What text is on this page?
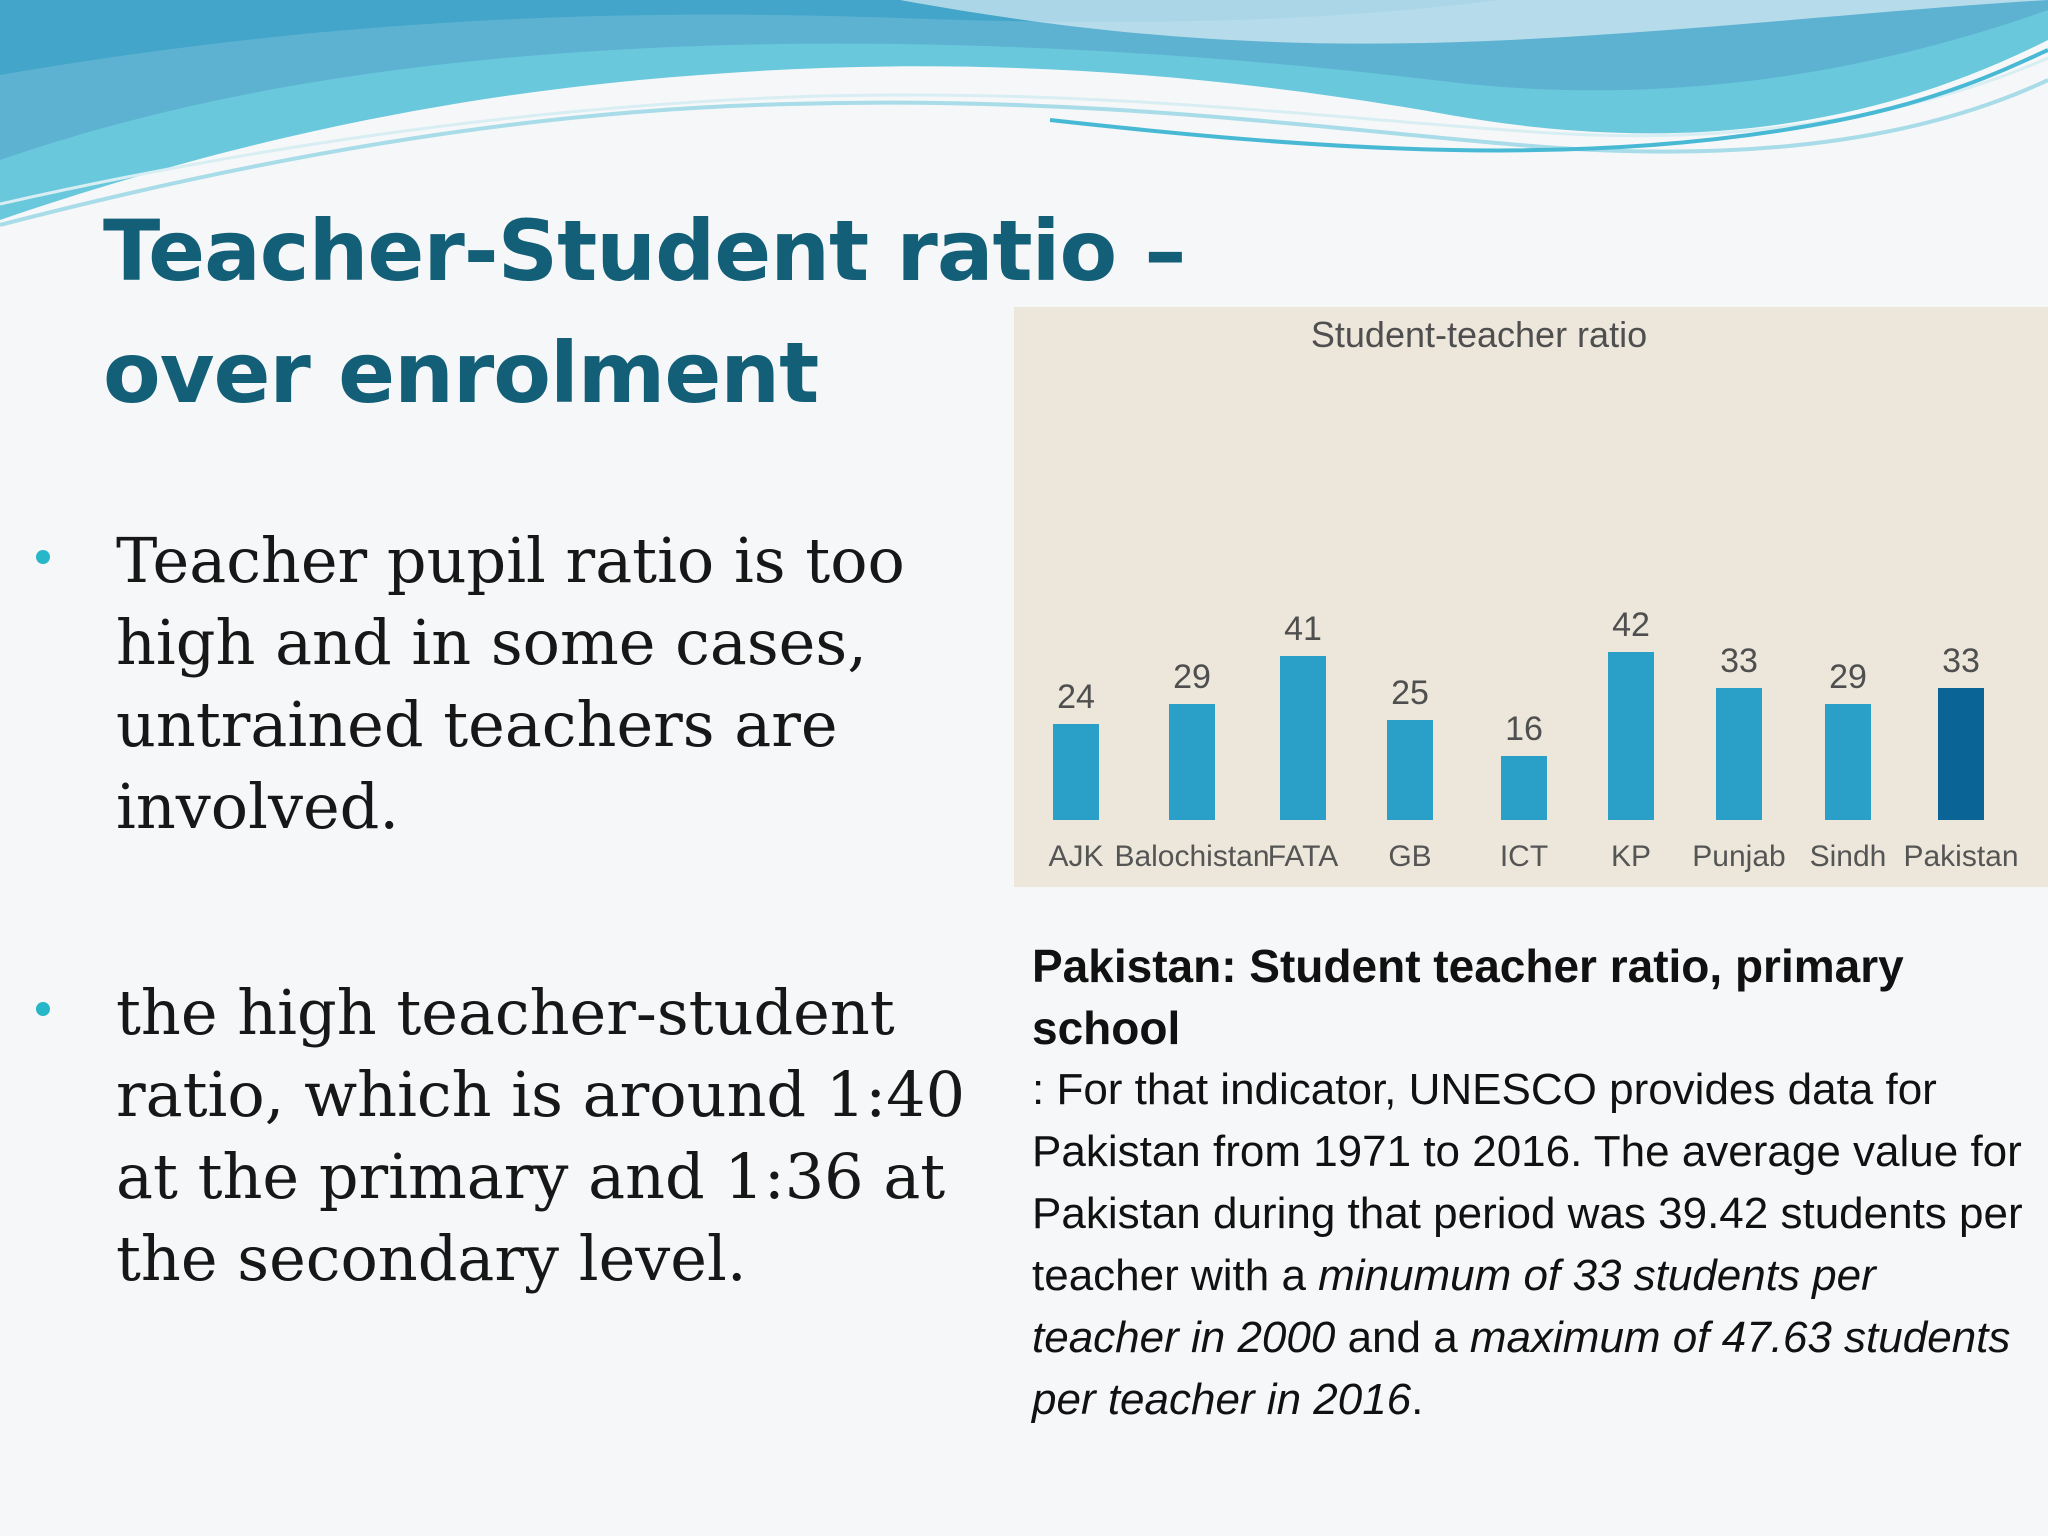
Teacher-Student ratio – over enrolment
Teacher pupil ratio is too high and in some cases, untrained teachers are involved.
the high teacher-student ratio, which is around 1:40 at the primary and 1:36 at the secondary level.
Student-teacher ratio
24
AJK
29
Balochistan
41
FATA
25
GB
16
ICT
42
KP
33
Punjab
29
Sindh
33
Pakistan
Pakistan: Student teacher ratio, primary school
: For that indicator, UNESCO provides data for Pakistan from 1971 to 2016. The average value for Pakistan during that period was 39.42 students per teacher with a minumum of 33 students per teacher in 2000 and a maximum of 47.63 students per teacher in 2016.
